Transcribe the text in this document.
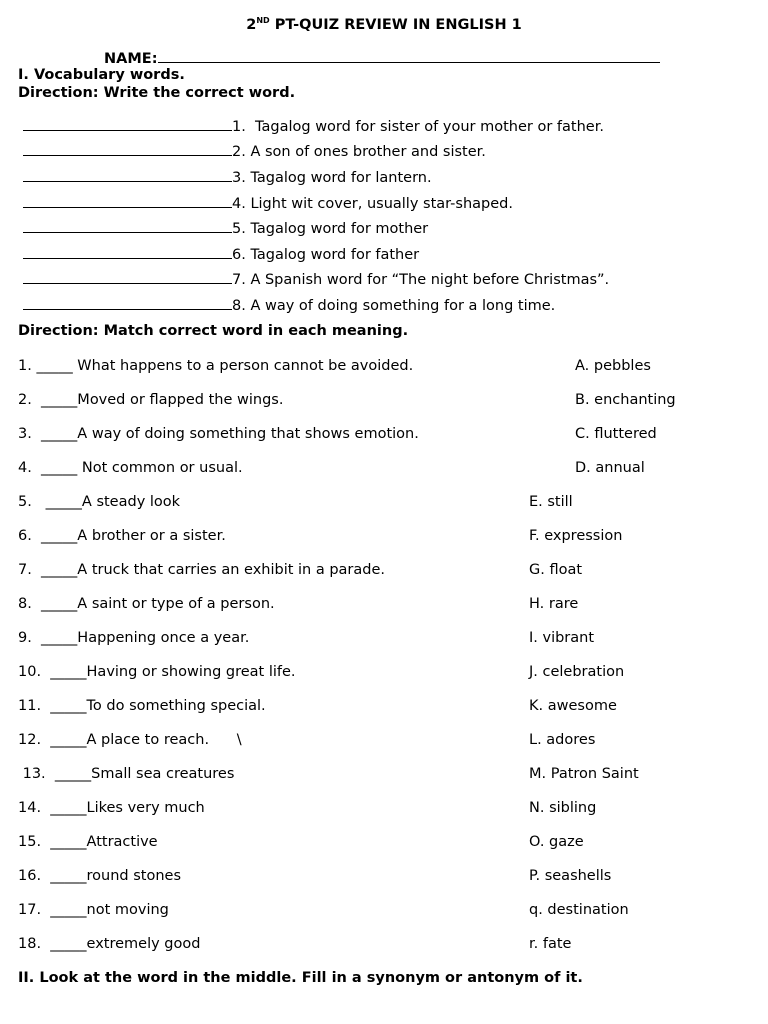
2ND PT-QUIZ REVIEW IN ENGLISH 1
NAME:
I. Vocabulary words.
Direction: Write the correct word.
1.  Tagalog word for sister of your mother or father.
2. A son of ones brother and sister.
3. Tagalog word for lantern.
4. Light wit cover, usually star-shaped.
5. Tagalog word for mother
6. Tagalog word for father
7. A Spanish word for “The night before Christmas”.
8. A way of doing something for a long time.
1. _____ What happens to a person cannot be avoided.	A. pebbles
2.  _____Moved or flapped the wings.	B. enchanting
3.  _____A way of doing something that shows emotion.	C. fluttered
4.  _____ Not common or usual.	D. annual
5.   _____A steady look	E. still
6.  _____A brother or a sister.	F. expression
7.  _____A truck that carries an exhibit in a parade.	G. float
8.  _____A saint or type of a person.	H. rare
9.  _____Happening once a year.	I. vibrant
10.  _____Having or showing great life.	J. celebration
11.  _____To do something special.	K. awesome
12.  _____A place to reach.      \	L. adores
13.  _____Small sea creatures	M. Patron Saint
14.  _____Likes very much	N. sibling
15.  _____Attractive	O. gaze
16.  _____round stones	P. seashells
17.  _____not moving	q. destination
18.  _____extremely good	r. fate
Direction: Match correct word in each meaning.
II. Look at the word in the middle. Fill in a synonym or antonym of it.
